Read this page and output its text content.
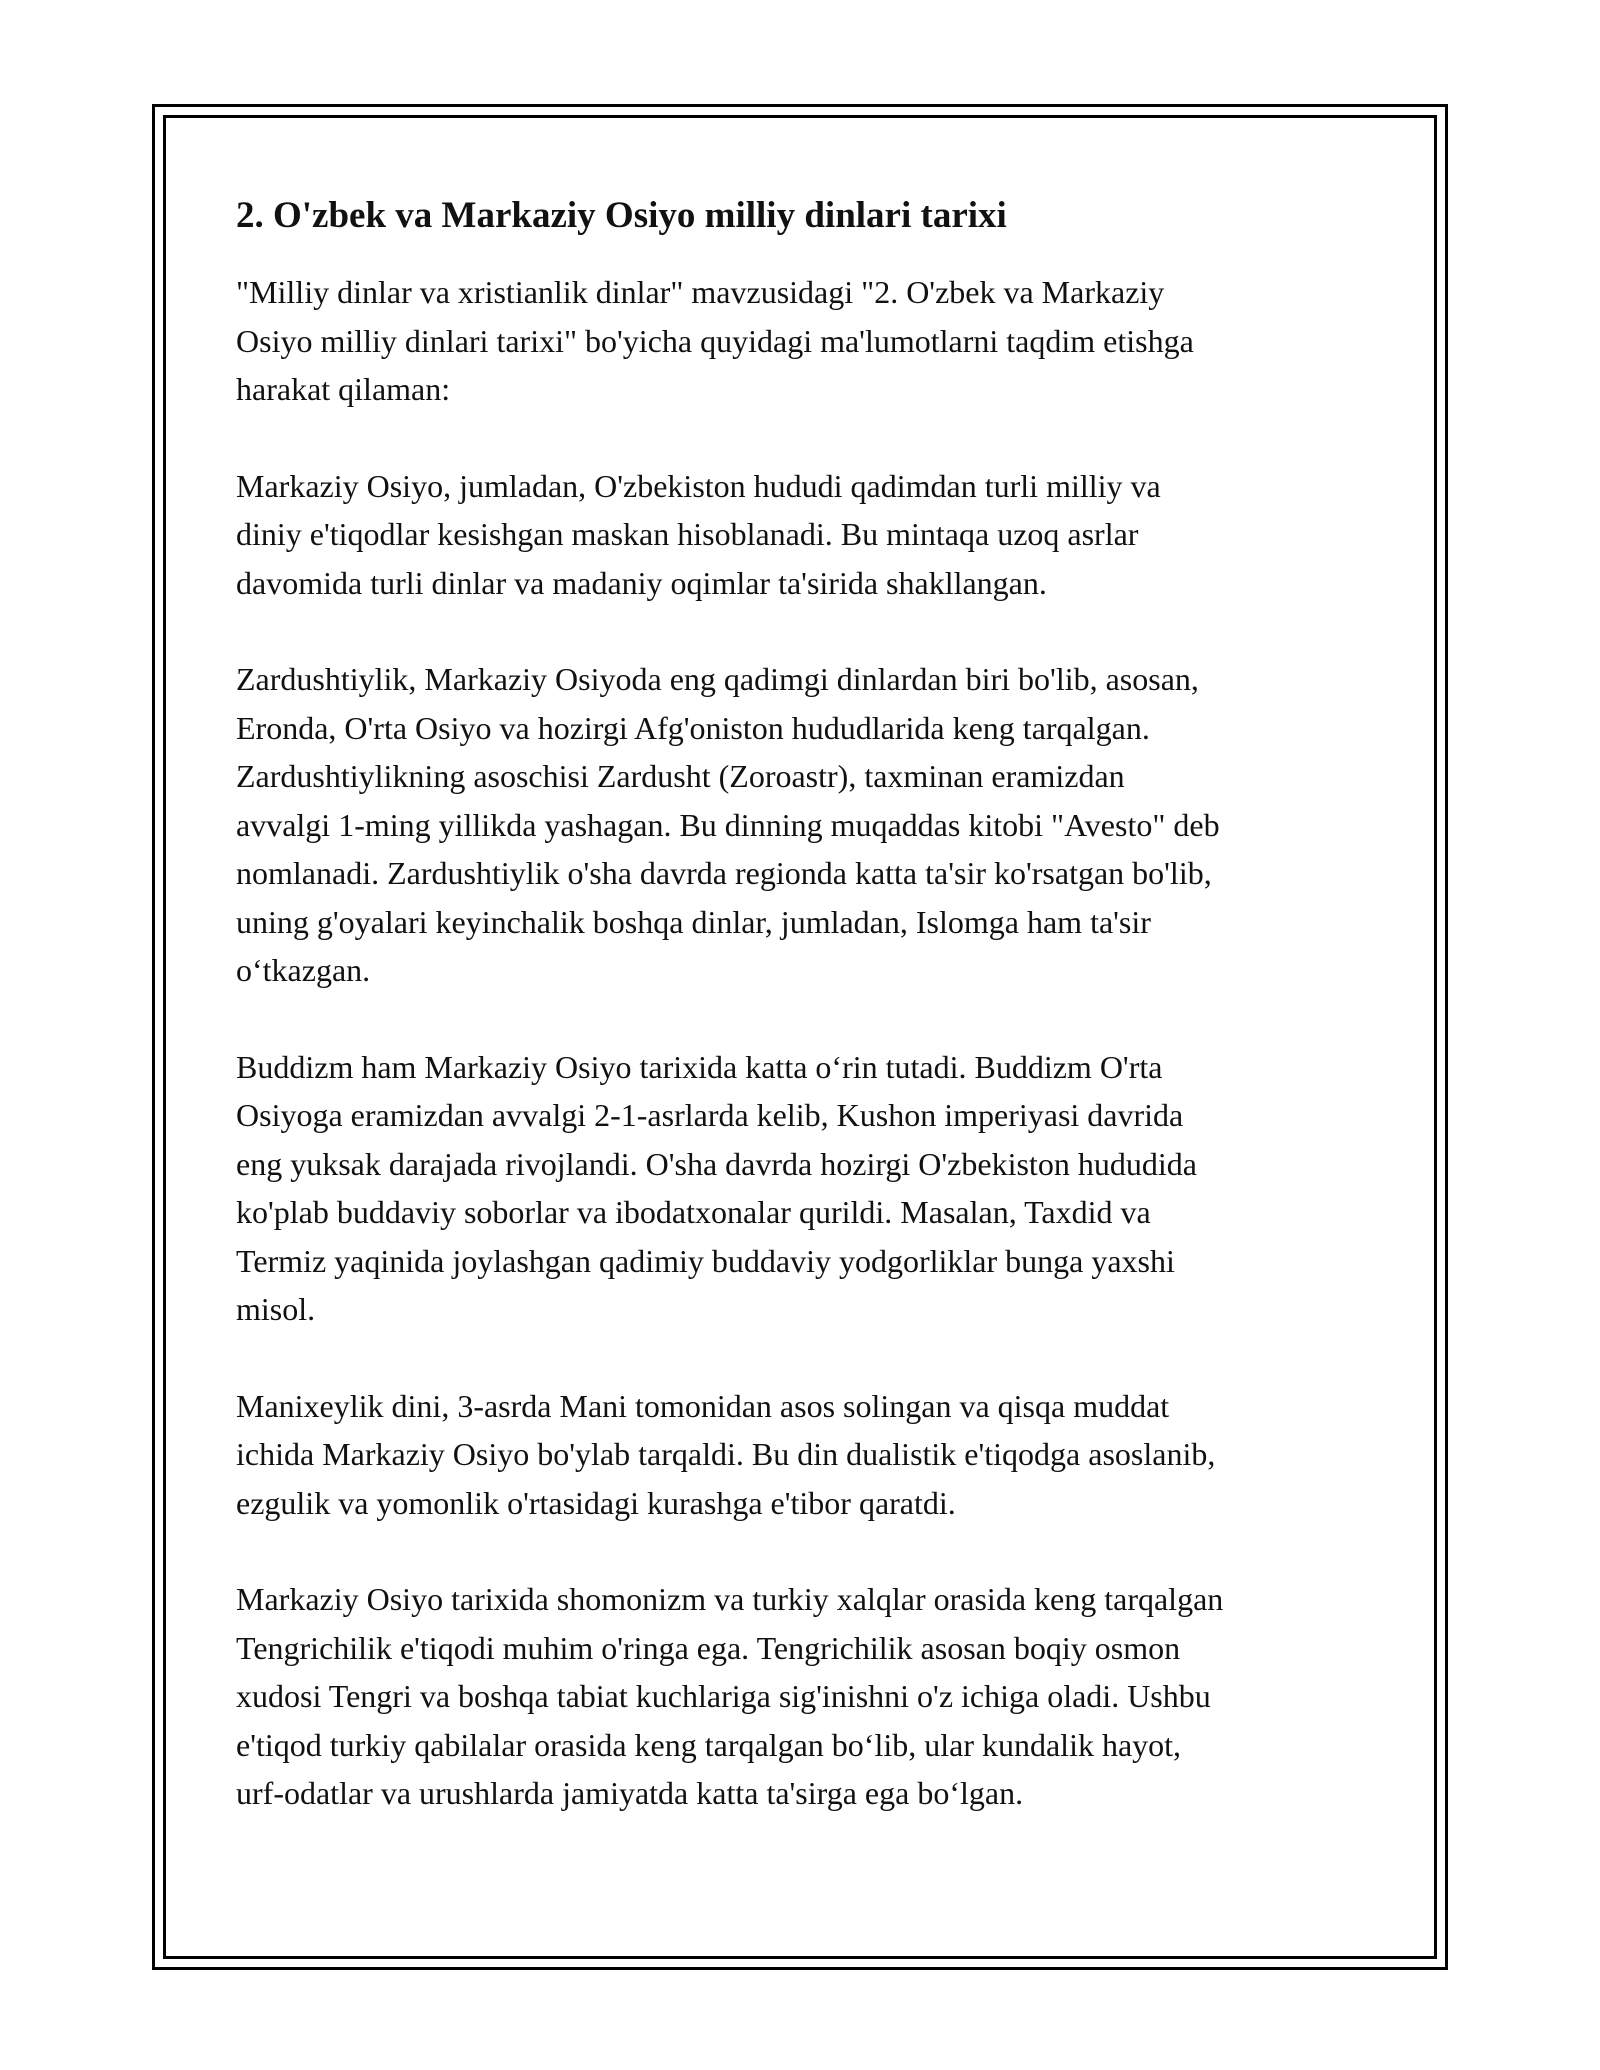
2. O'zbek va Markaziy Osiyo milliy dinlari tarixi

"Milliy dinlar va xristianlik dinlar" mavzusidagi "2. O'zbek va Markaziy
Osiyo milliy dinlari tarixi" bo'yicha quyidagi ma'lumotlarni taqdim etishga
harakat qilaman:

Markaziy Osiyo, jumladan, O'zbekiston hududi qadimdan turli milliy va
diniy e'tiqodlar kesishgan maskan hisoblanadi. Bu mintaqa uzoq asrlar
davomida turli dinlar va madaniy oqimlar ta'sirida shakllangan.

Zardushtiylik, Markaziy Osiyoda eng qadimgi dinlardan biri bo'lib, asosan,
Eronda, O'rta Osiyo va hozirgi Afg'oniston hududlarida keng tarqalgan.
Zardushtiylikning asoschisi Zardusht (Zoroastr), taxminan eramizdan
avvalgi 1-ming yillikda yashagan. Bu dinning muqaddas kitobi "Avesto" deb
nomlanadi. Zardushtiylik o'sha davrda regionda katta ta'sir ko'rsatgan bo'lib,
uning g'oyalari keyinchalik boshqa dinlar, jumladan, Islomga ham ta'sir
o‘tkazgan.

Buddizm ham Markaziy Osiyo tarixida katta o‘rin tutadi. Buddizm O'rta
Osiyoga eramizdan avvalgi 2-1-asrlarda kelib, Kushon imperiyasi davrida
eng yuksak darajada rivojlandi. O'sha davrda hozirgi O'zbekiston hududida
ko'plab buddaviy soborlar va ibodatxonalar qurildi. Masalan, Taxdid va
Termiz yaqinida joylashgan qadimiy buddaviy yodgorliklar bunga yaxshi
misol.

Manixeylik dini, 3-asrda Mani tomonidan asos solingan va qisqa muddat
ichida Markaziy Osiyo bo'ylab tarqaldi. Bu din dualistik e'tiqodga asoslanib,
ezgulik va yomonlik o'rtasidagi kurashga e'tibor qaratdi.

Markaziy Osiyo tarixida shomonizm va turkiy xalqlar orasida keng tarqalgan
Tengrichilik e'tiqodi muhim o'ringa ega. Tengrichilik asosan boqiy osmon
xudosi Tengri va boshqa tabiat kuchlariga sig'inishni o'z ichiga oladi. Ushbu
e'tiqod turkiy qabilalar orasida keng tarqalgan bo‘lib, ular kundalik hayot,
urf-odatlar va urushlarda jamiyatda katta ta'sirga ega bo‘lgan.
